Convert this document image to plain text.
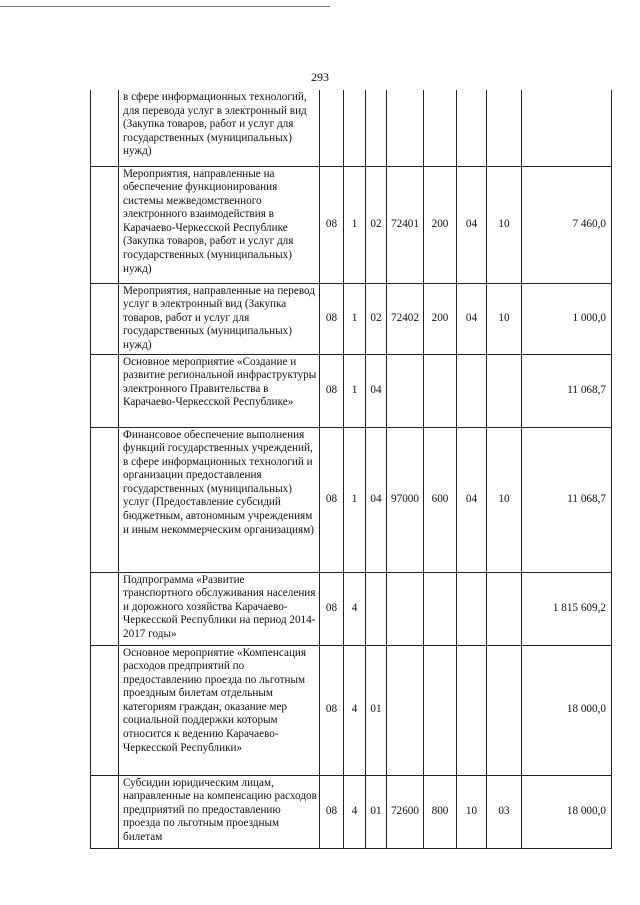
293
	в сфере информационных технологий, для перевода услуг в электронный вид (Закупка товаров, работ и услуг для государственных (муниципальных) нужд)								
	Мероприятия, направленные на обеспечение функционирования системы межведомственного электронного взаимодействия в Карачаево-Черкесской Республике (Закупка товаров, работ и услуг для государственных (муниципальных) нужд)	08	1	02	72401	200	04	10	7 460,0
	Мероприятия, направленные на перевод услуг в электронный вид (Закупка товаров, работ и услуг для государственных (муниципальных) нужд)	08	1	02	72402	200	04	10	1 000,0
	Основное мероприятие «Создание и развитие региональной инфраструктуры электронного Правительства в Карачаево-Черкесской Республике»	08	1	04					11 068,7
	Финансовое обеспечение выполнения функций государственных учреждений, в сфере информационных технологий и организации предоставления государственных (муниципальных) услуг (Предоставление субсидий бюджетным, автономным учреждениям и иным некоммерческим организациям)	08	1	04	97000	600	04	10	11 068,7
	Подпрограмма «Развитие транспортного обслуживания населения и дорожного хозяйства Карачаево-Черкесской Республики на период 2014-2017 годы»	08	4						1 815 609,2
	Основное мероприятие «Компенсация расходов предприятий по предоставлению проезда по льготным проездным билетам отдельным категориям граждан, оказание мер социальной поддержки которым относится к ведению Карачаево-Черкесской Республики»	08	4	01					18 000,0
	Субсидии юридическим лицам, направленные на компенсацию расходов предприятий по предоставлению проезда по льготным проездным билетам	08	4	01	72600	800	10	03	18 000,0
